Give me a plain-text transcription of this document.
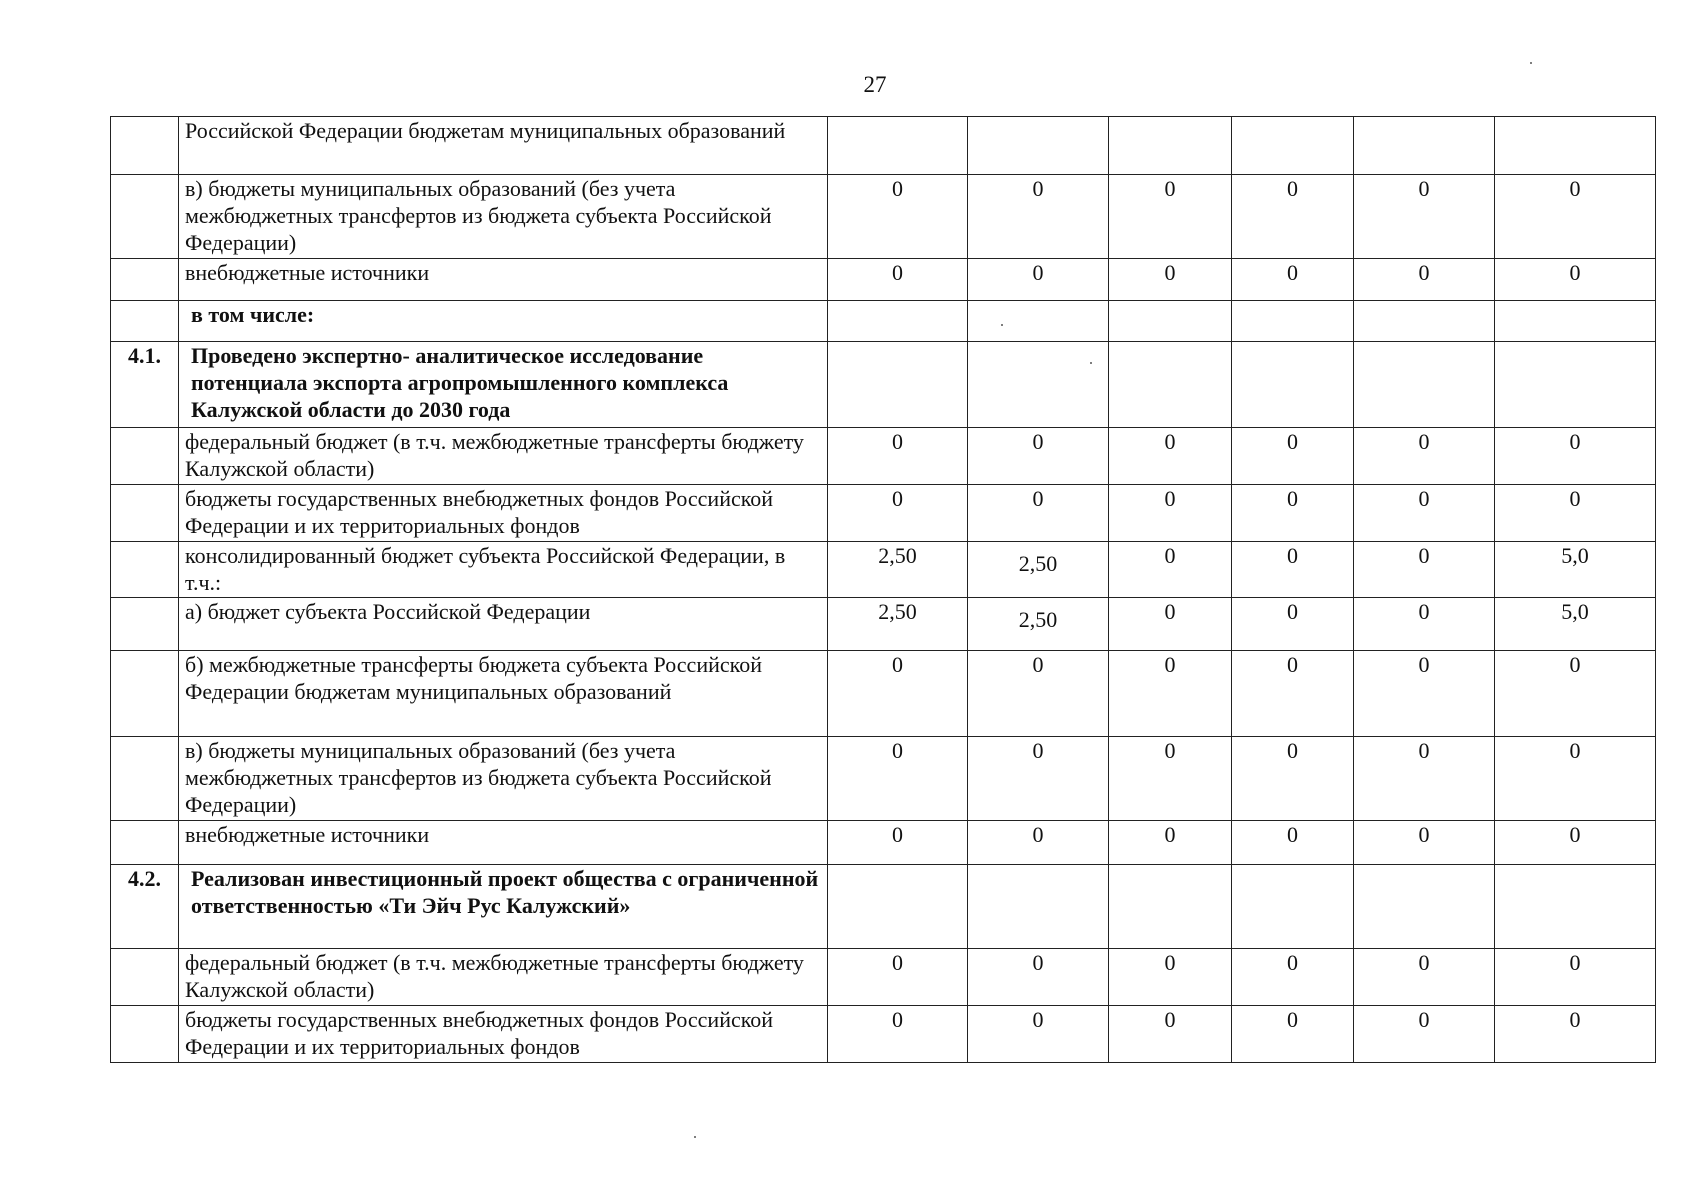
27
	Российской Федерации бюджетам муниципальных образований						
	в) бюджеты муниципальных образований (без учета межбюджетных трансфертов из бюджета субъекта Российской Федерации)	0	0	0	0	0	0
	внебюджетные источники	0	0	0	0	0	0
	в том числе:						
4.1.	Проведено экспертно- аналитическое исследование потенциала экспорта агропромышленного комплекса Калужской области до 2030 года						
	федеральный бюджет (в т.ч. межбюджетные трансферты бюджету Калужской области)	0	0	0	0	0	0
	бюджеты государственных внебюджетных фондов Российской Федерации и их территориальных фондов	0	0	0	0	0	0
	консолидированный бюджет субъекта Российской Федерации, в т.ч.:	2,50	2,50	0	0	0	5,0
	а) бюджет субъекта Российской Федерации	2,50	2,50	0	0	0	5,0
	б) межбюджетные трансферты бюджета субъекта Российской Федерации бюджетам муниципальных образований	0	0	0	0	0	0
	в) бюджеты муниципальных образований (без учета межбюджетных трансфертов из бюджета субъекта Российской Федерации)	0	0	0	0	0	0
	внебюджетные источники	0	0	0	0	0	0
4.2.	Реализован инвестиционный проект общества с ограниченной ответственностью «Ти Эйч Рус Калужский»						
	федеральный бюджет (в т.ч. межбюджетные трансферты бюджету Калужской области)	0	0	0	0	0	0
	бюджеты государственных внебюджетных фондов Российской Федерации и их территориальных фондов	0	0	0	0	0	0
